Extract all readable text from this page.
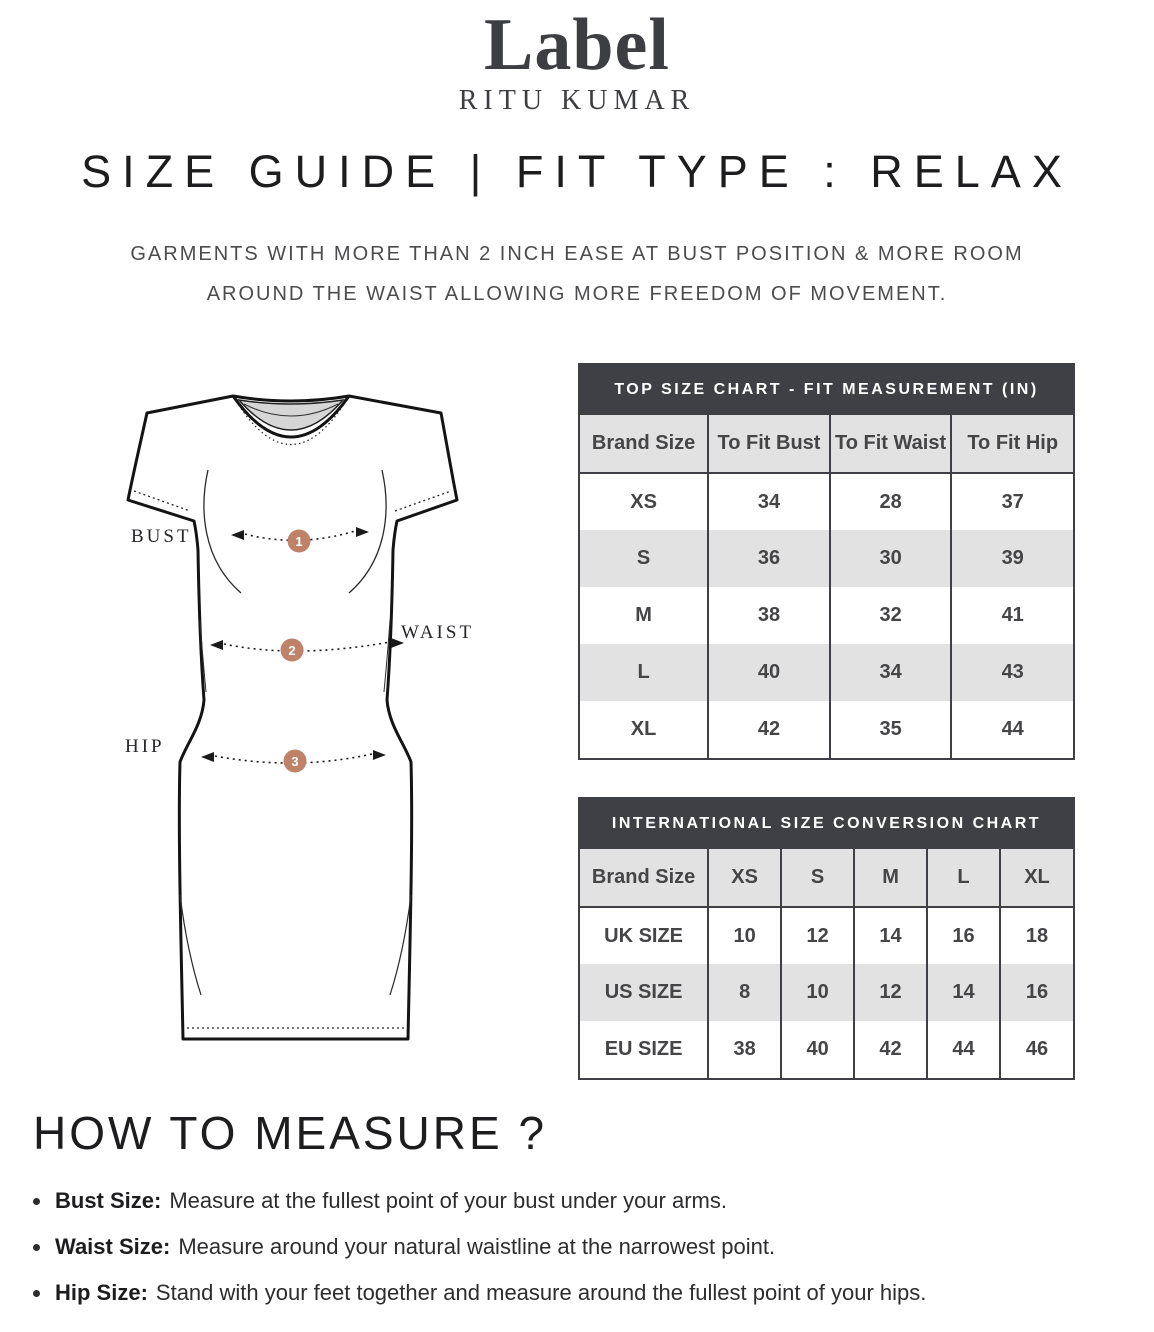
Label
RITU KUMAR
SIZE GUIDE | FIT TYPE : RELAX
GARMENTS WITH MORE THAN 2 INCH EASE AT BUST POSITION & MORE ROOM
AROUND THE WAIST ALLOWING MORE FREEDOM OF MOVEMENT.
1
2
3
BUST
WAIST
HIP
TOP SIZE CHART - FIT MEASUREMENT (IN)
Brand Size	To Fit Bust	To Fit Waist	To Fit Hip
XS	34	28	37
S	36	30	39
M	38	32	41
L	40	34	43
XL	42	35	44
INTERNATIONAL SIZE CONVERSION CHART
Brand Size	XS	S	M	L	XL
UK SIZE	10	12	14	16	18
US SIZE	8	10	12	14	16
EU SIZE	38	40	42	44	46
HOW TO MEASURE ?
Bust Size: Measure at the fullest point of your bust under your arms.
Waist Size: Measure around your natural waistline at the narrowest point.
Hip Size: Stand with your feet together and measure around the fullest point of your hips.
